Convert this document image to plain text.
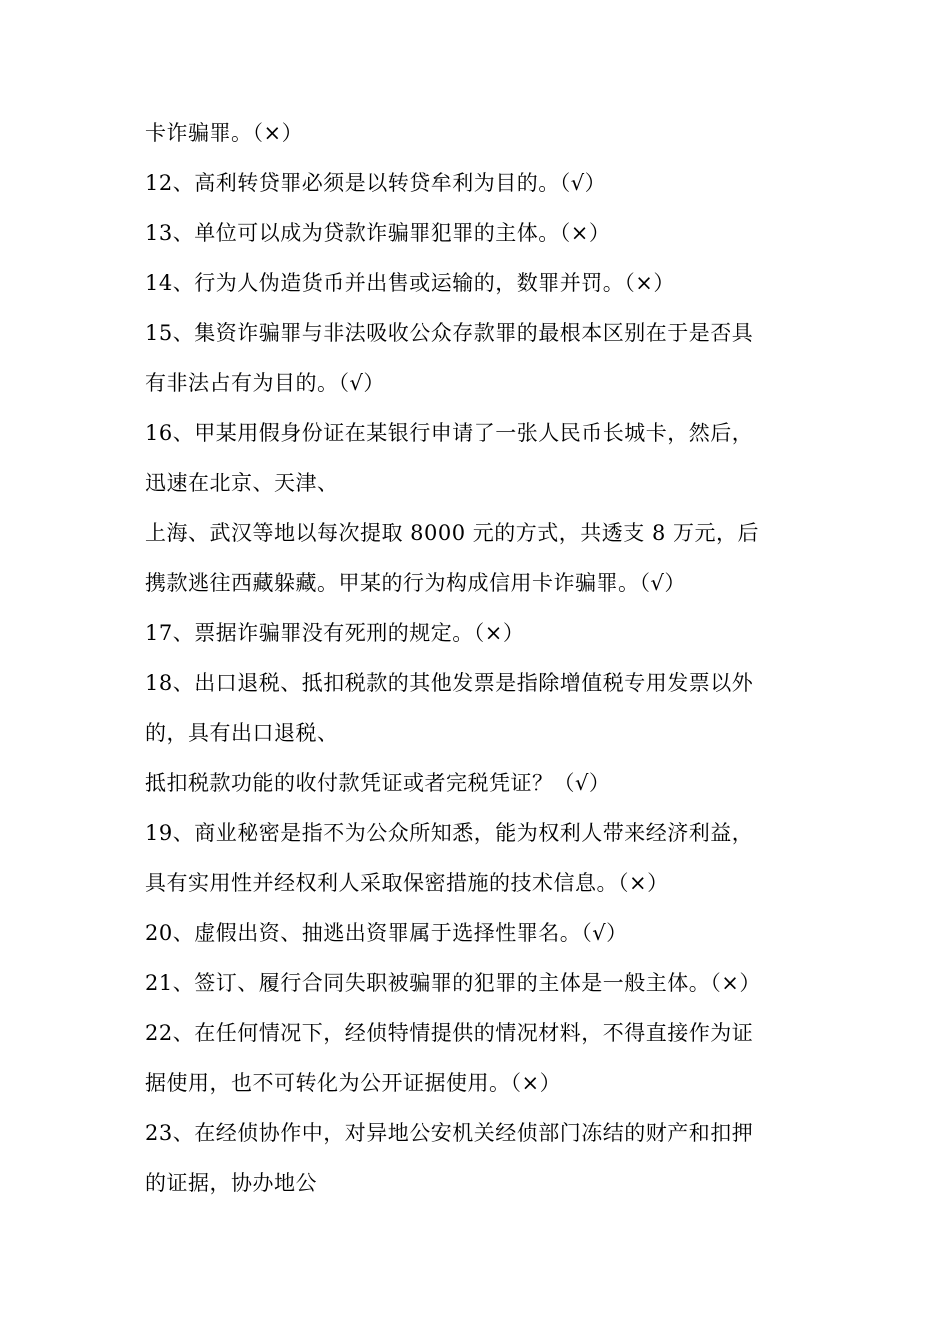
卡诈骗罪。（×）
12、高利转贷罪必须是以转贷牟利为目的。（√）
13、单位可以成为贷款诈骗罪犯罪的主体。（×）
14、行为人伪造货币并出售或运输的，数罪并罚。（×）
15、集资诈骗罪与非法吸收公众存款罪的最根本区别在于是否具
有非法占有为目的。（√）
16、甲某用假身份证在某银行申请了一张人民币长城卡，然后，
迅速在北京、天津、
上海、武汉等地以每次提取 8000 元的方式，共透支 8 万元，后
携款逃往西藏躲藏。甲某的行为构成信用卡诈骗罪。（√）
17、票据诈骗罪没有死刑的规定。（×）
18、出口退税、抵扣税款的其他发票是指除增值税专用发票以外
的，具有出口退税、
抵扣税款功能的收付款凭证或者完税凭证？（√）
19、商业秘密是指不为公众所知悉，能为权利人带来经济利益，
具有实用性并经权利人采取保密措施的技术信息。（×）
20、虚假出资、抽逃出资罪属于选择性罪名。（√）
21、签订、履行合同失职被骗罪的犯罪的主体是一般主体。（×）
22、在任何情况下，经侦特情提供的情况材料，不得直接作为证
据使用，也不可转化为公开证据使用。（×）
23、在经侦协作中，对异地公安机关经侦部门冻结的财产和扣押
的证据，协办地公
